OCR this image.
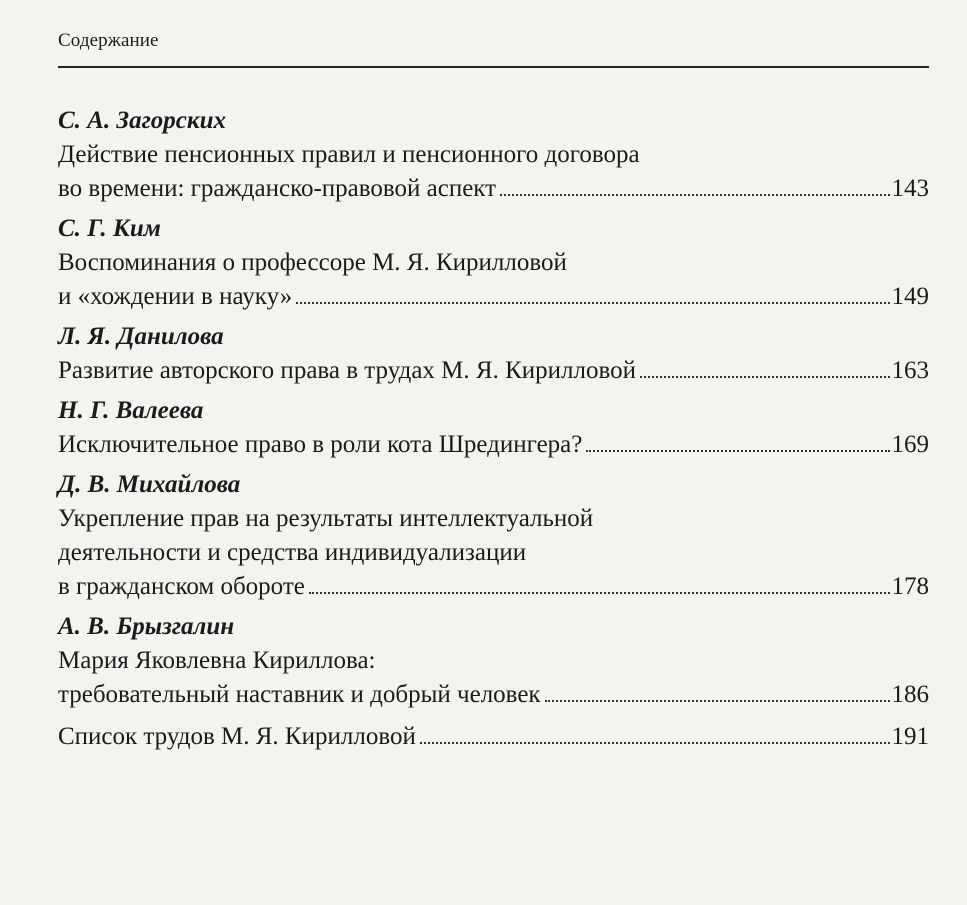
Содержание
С. А. Загорских
Действие пенсионных правил и пенсионного договора
во времени: гражданско-правовой аспект	143
С. Г. Ким
Воспоминания о профессоре М. Я. Кирилловой
и «хождении в науку»	149
Л. Я. Данилова
Развитие авторского права в трудах М. Я. Кирилловой	163
Н. Г. Валеева
Исключительное право в роли кота Шредингера?	169
Д. В. Михайлова
Укрепление прав на результаты интеллектуальной
деятельности и средства индивидуализации
в гражданском обороте	178
А. В. Брызгалин
Мария Яковлевна Кириллова:
требовательный наставник и добрый человек	186
Список трудов М. Я. Кирилловой	191
